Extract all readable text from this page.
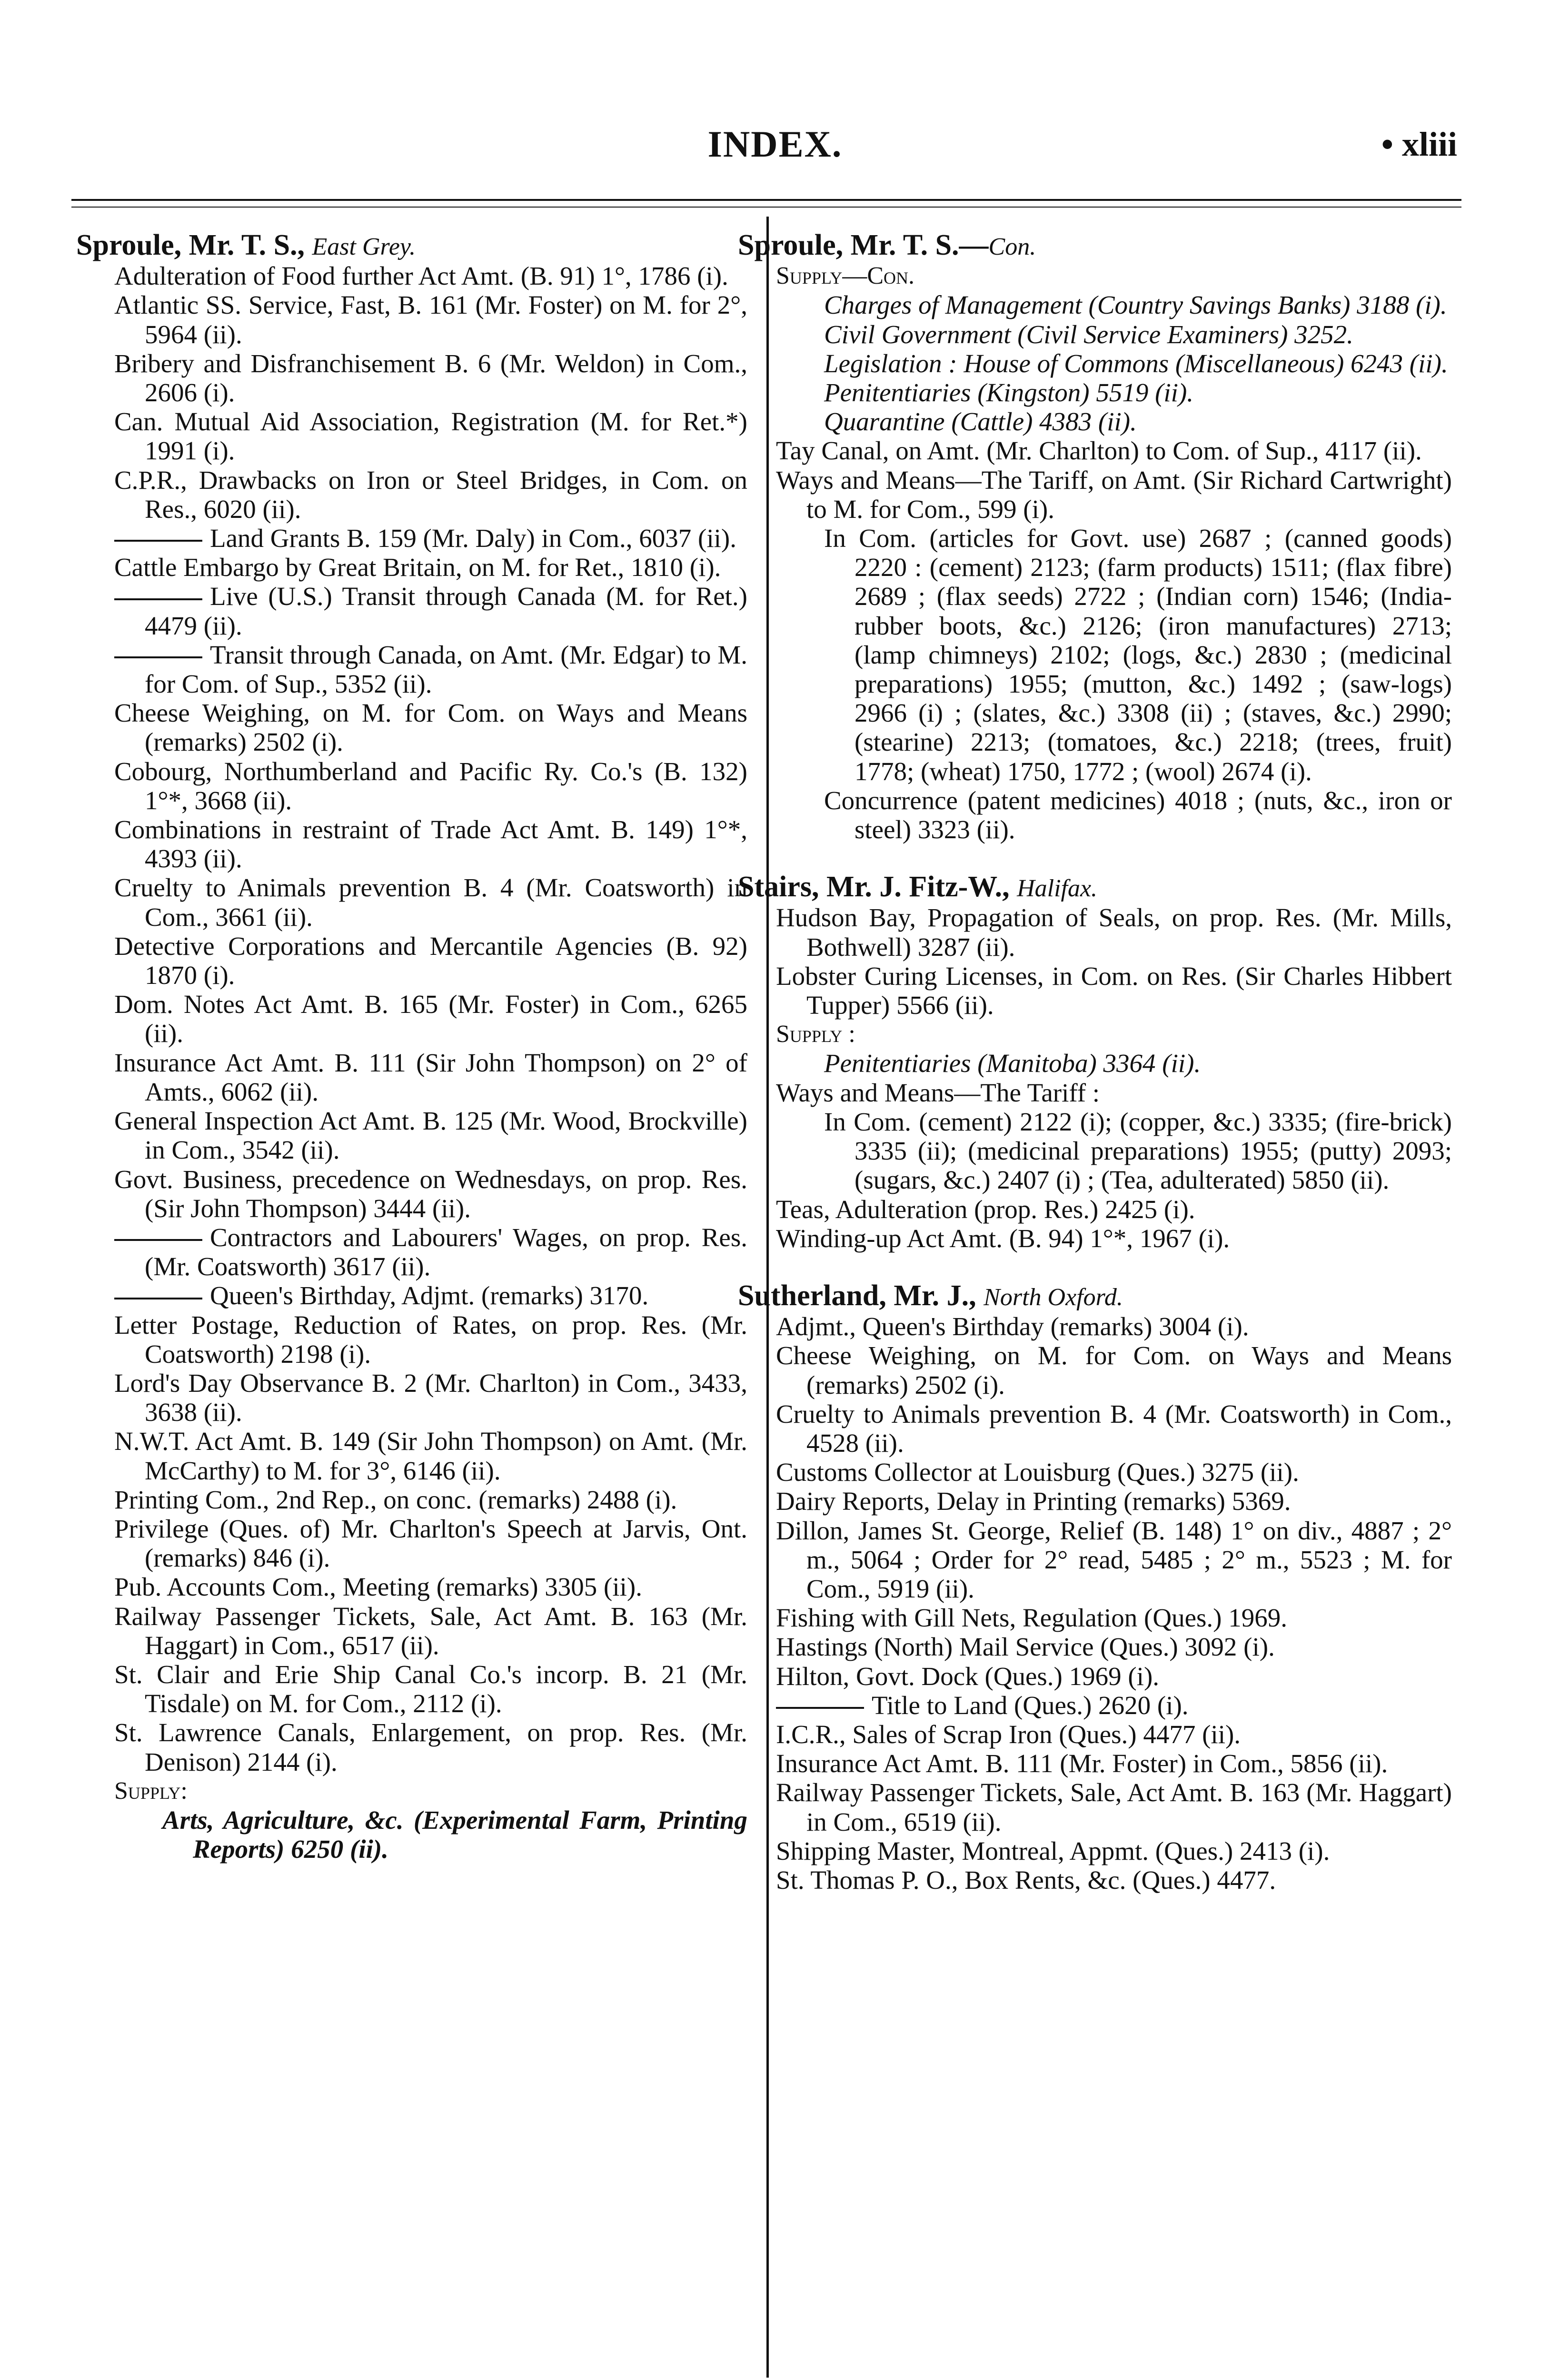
INDEX.	• xliii

Sproule, Mr. T. S., East Grey.

Adulteration of Food further Act Amt. (B. 91) 1°, 1786 (i).

Atlantic SS. Service, Fast, B. 161 (Mr. Foster) on M. for 2°, 5964 (ii).

Bribery and Disfranchisement B. 6 (Mr. Weldon) in Com., 2606 (i).

Can. Mutual Aid Association, Registration (M. for Ret.*) 1991 (i).

C.P.R., Drawbacks on Iron or Steel Bridges, in Com. on Res., 6020 (ii).

Land Grants B. 159 (Mr. Daly) in Com., 6037 (ii).

Cattle Embargo by Great Britain, on M. for Ret., 1810 (i).

Live (U.S.) Transit through Canada (M. for Ret.) 4479 (ii).

Transit through Canada, on Amt. (Mr. Edgar) to M. for Com. of Sup., 5352 (ii).

Cheese Weighing, on M. for Com. on Ways and Means (remarks) 2502 (i).

Cobourg, Northumberland and Pacific Ry. Co.'s (B. 132) 1°*, 3668 (ii).

Combinations in restraint of Trade Act Amt. B. 149) 1°*, 4393 (ii).

Cruelty to Animals prevention B. 4 (Mr. Coatsworth) in Com., 3661 (ii).

Detective Corporations and Mercantile Agencies (B. 92) 1870 (i).

Dom. Notes Act Amt. B. 165 (Mr. Foster) in Com., 6265 (ii).

Insurance Act Amt. B. 111 (Sir John Thompson) on 2° of Amts., 6062 (ii).

General Inspection Act Amt. B. 125 (Mr. Wood, Brockville) in Com., 3542 (ii).

Govt. Business, precedence on Wednesdays, on prop. Res. (Sir John Thompson) 3444 (ii).

Contractors and Labourers' Wages, on prop. Res. (Mr. Coatsworth) 3617 (ii).

Queen's Birthday, Adjmt. (remarks) 3170.

Letter Postage, Reduction of Rates, on prop. Res. (Mr. Coatsworth) 2198 (i).

Lord's Day Observance B. 2 (Mr. Charlton) in Com., 3433, 3638 (ii).

N.W.T. Act Amt. B. 149 (Sir John Thompson) on Amt. (Mr. McCarthy) to M. for 3°, 6146 (ii).

Printing Com., 2nd Rep., on conc. (remarks) 2488 (i).

Privilege (Ques. of) Mr. Charlton's Speech at Jarvis, Ont. (remarks) 846 (i).

Pub. Accounts Com., Meeting (remarks) 3305 (ii).

Railway Passenger Tickets, Sale, Act Amt. B. 163 (Mr. Haggart) in Com., 6517 (ii).

St. Clair and Erie Ship Canal Co.'s incorp. B. 21 (Mr. Tisdale) on M. for Com., 2112 (i).

St. Lawrence Canals, Enlargement, on prop. Res. (Mr. Denison) 2144 (i).

Supply:

Arts, Agriculture, &c. (Experimental Farm, Printing Reports) 6250 (ii).

Sproule, Mr. T. S.—Con.

Supply—Con.

Charges of Management (Country Savings Banks) 3188 (i).

Civil Government (Civil Service Examiners) 3252.

Legislation : House of Commons (Miscellaneous) 6243 (ii).

Penitentiaries (Kingston) 5519 (ii).

Quarantine (Cattle) 4383 (ii).

Tay Canal, on Amt. (Mr. Charlton) to Com. of Sup., 4117 (ii).

Ways and Means—The Tariff, on Amt. (Sir Richard Cartwright) to M. for Com., 599 (i).

In Com. (articles for Govt. use) 2687 ; (canned goods) 2220 : (cement) 2123; (farm products) 1511; (flax fibre) 2689 ; (flax seeds) 2722 ; (Indian corn) 1546; (India-rubber boots, &c.) 2126; (iron manufactures) 2713; (lamp chimneys) 2102; (logs, &c.) 2830 ; (medicinal preparations) 1955; (mutton, &c.) 1492 ; (saw-logs) 2966 (i) ; (slates, &c.) 3308 (ii) ; (staves, &c.) 2990; (stearine) 2213; (tomatoes, &c.) 2218; (trees, fruit) 1778; (wheat) 1750, 1772 ; (wool) 2674 (i).

Concurrence (patent medicines) 4018 ; (nuts, &c., iron or steel) 3323 (ii).

Stairs, Mr. J. Fitz-W., Halifax.

Hudson Bay, Propagation of Seals, on prop. Res. (Mr. Mills, Bothwell) 3287 (ii).

Lobster Curing Licenses, in Com. on Res. (Sir Charles Hibbert Tupper) 5566 (ii).

Supply :

Penitentiaries (Manitoba) 3364 (ii).

Ways and Means—The Tariff :

In Com. (cement) 2122 (i); (copper, &c.) 3335; (fire-brick) 3335 (ii); (medicinal preparations) 1955; (putty) 2093; (sugars, &c.) 2407 (i) ; (Tea, adulterated) 5850 (ii).

Teas, Adulteration (prop. Res.) 2425 (i).

Winding-up Act Amt. (B. 94) 1°*, 1967 (i).

Sutherland, Mr. J., North Oxford.

Adjmt., Queen's Birthday (remarks) 3004 (i).

Cheese Weighing, on M. for Com. on Ways and Means (remarks) 2502 (i).

Cruelty to Animals prevention B. 4 (Mr. Coatsworth) in Com., 4528 (ii).

Customs Collector at Louisburg (Ques.) 3275 (ii).

Dairy Reports, Delay in Printing (remarks) 5369.

Dillon, James St. George, Relief (B. 148) 1° on div., 4887 ; 2° m., 5064 ; Order for 2° read, 5485 ; 2° m., 5523 ; M. for Com., 5919 (ii).

Fishing with Gill Nets, Regulation (Ques.) 1969.

Hastings (North) Mail Service (Ques.) 3092 (i).

Hilton, Govt. Dock (Ques.) 1969 (i).

Title to Land (Ques.) 2620 (i).

I.C.R., Sales of Scrap Iron (Ques.) 4477 (ii).

Insurance Act Amt. B. 111 (Mr. Foster) in Com., 5856 (ii).

Railway Passenger Tickets, Sale, Act Amt. B. 163 (Mr. Haggart) in Com., 6519 (ii).

Shipping Master, Montreal, Appmt. (Ques.) 2413 (i).

St. Thomas P. O., Box Rents, &c. (Ques.) 4477.
